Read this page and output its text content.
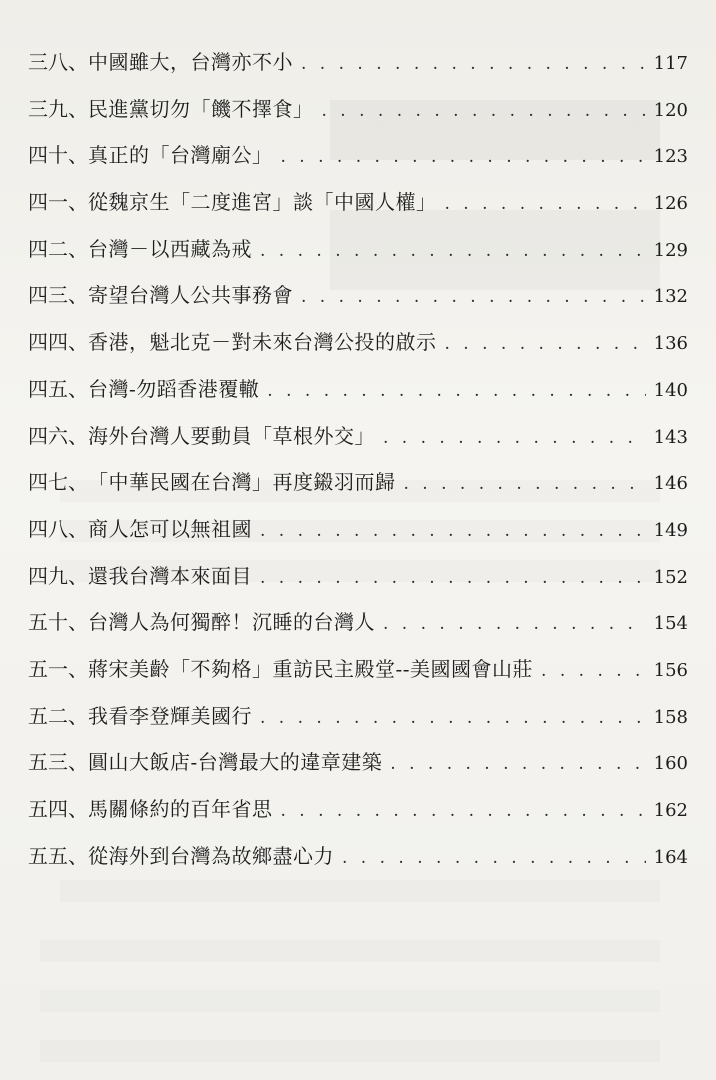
三八、 中國雖大，台灣亦不小 . . .	117
三九、 民進黨切勿「饑不擇食」 . . .	120
四十、 真正的「台灣廟公」 . . .	123
四一、 從魏京生「二度進宮」談「中國人權」 . . .	126
四二、 台灣－以西藏為戒 . . .	129
四三、 寄望台灣人公共事務會 . . .	132
四四、 香港，魁北克－對未來台灣公投的啟示 . . .	136
四五、 台灣-勿蹈香港覆轍 . . .	140
四六、 海外台灣人要動員「草根外交」 . . .	143
四七、 「中華民國在台灣」再度鎩羽而歸 . . .	146
四八、 商人怎可以無祖國 . . .	149
四九、 還我台灣本來面目 . . .	152
五十、 台灣人為何獨醉！沉睡的台灣人 . . .	154
五一、 蔣宋美齡「不夠格」重訪民主殿堂--美國國會山莊 . . .	156
五二、 我看李登輝美國行 . . .	158
五三、 圓山大飯店-台灣最大的違章建築 . . .	160
五四、 馬關條約的百年省思 . . .	162
五五、 從海外到台灣為故鄉盡心力 . . .	164
